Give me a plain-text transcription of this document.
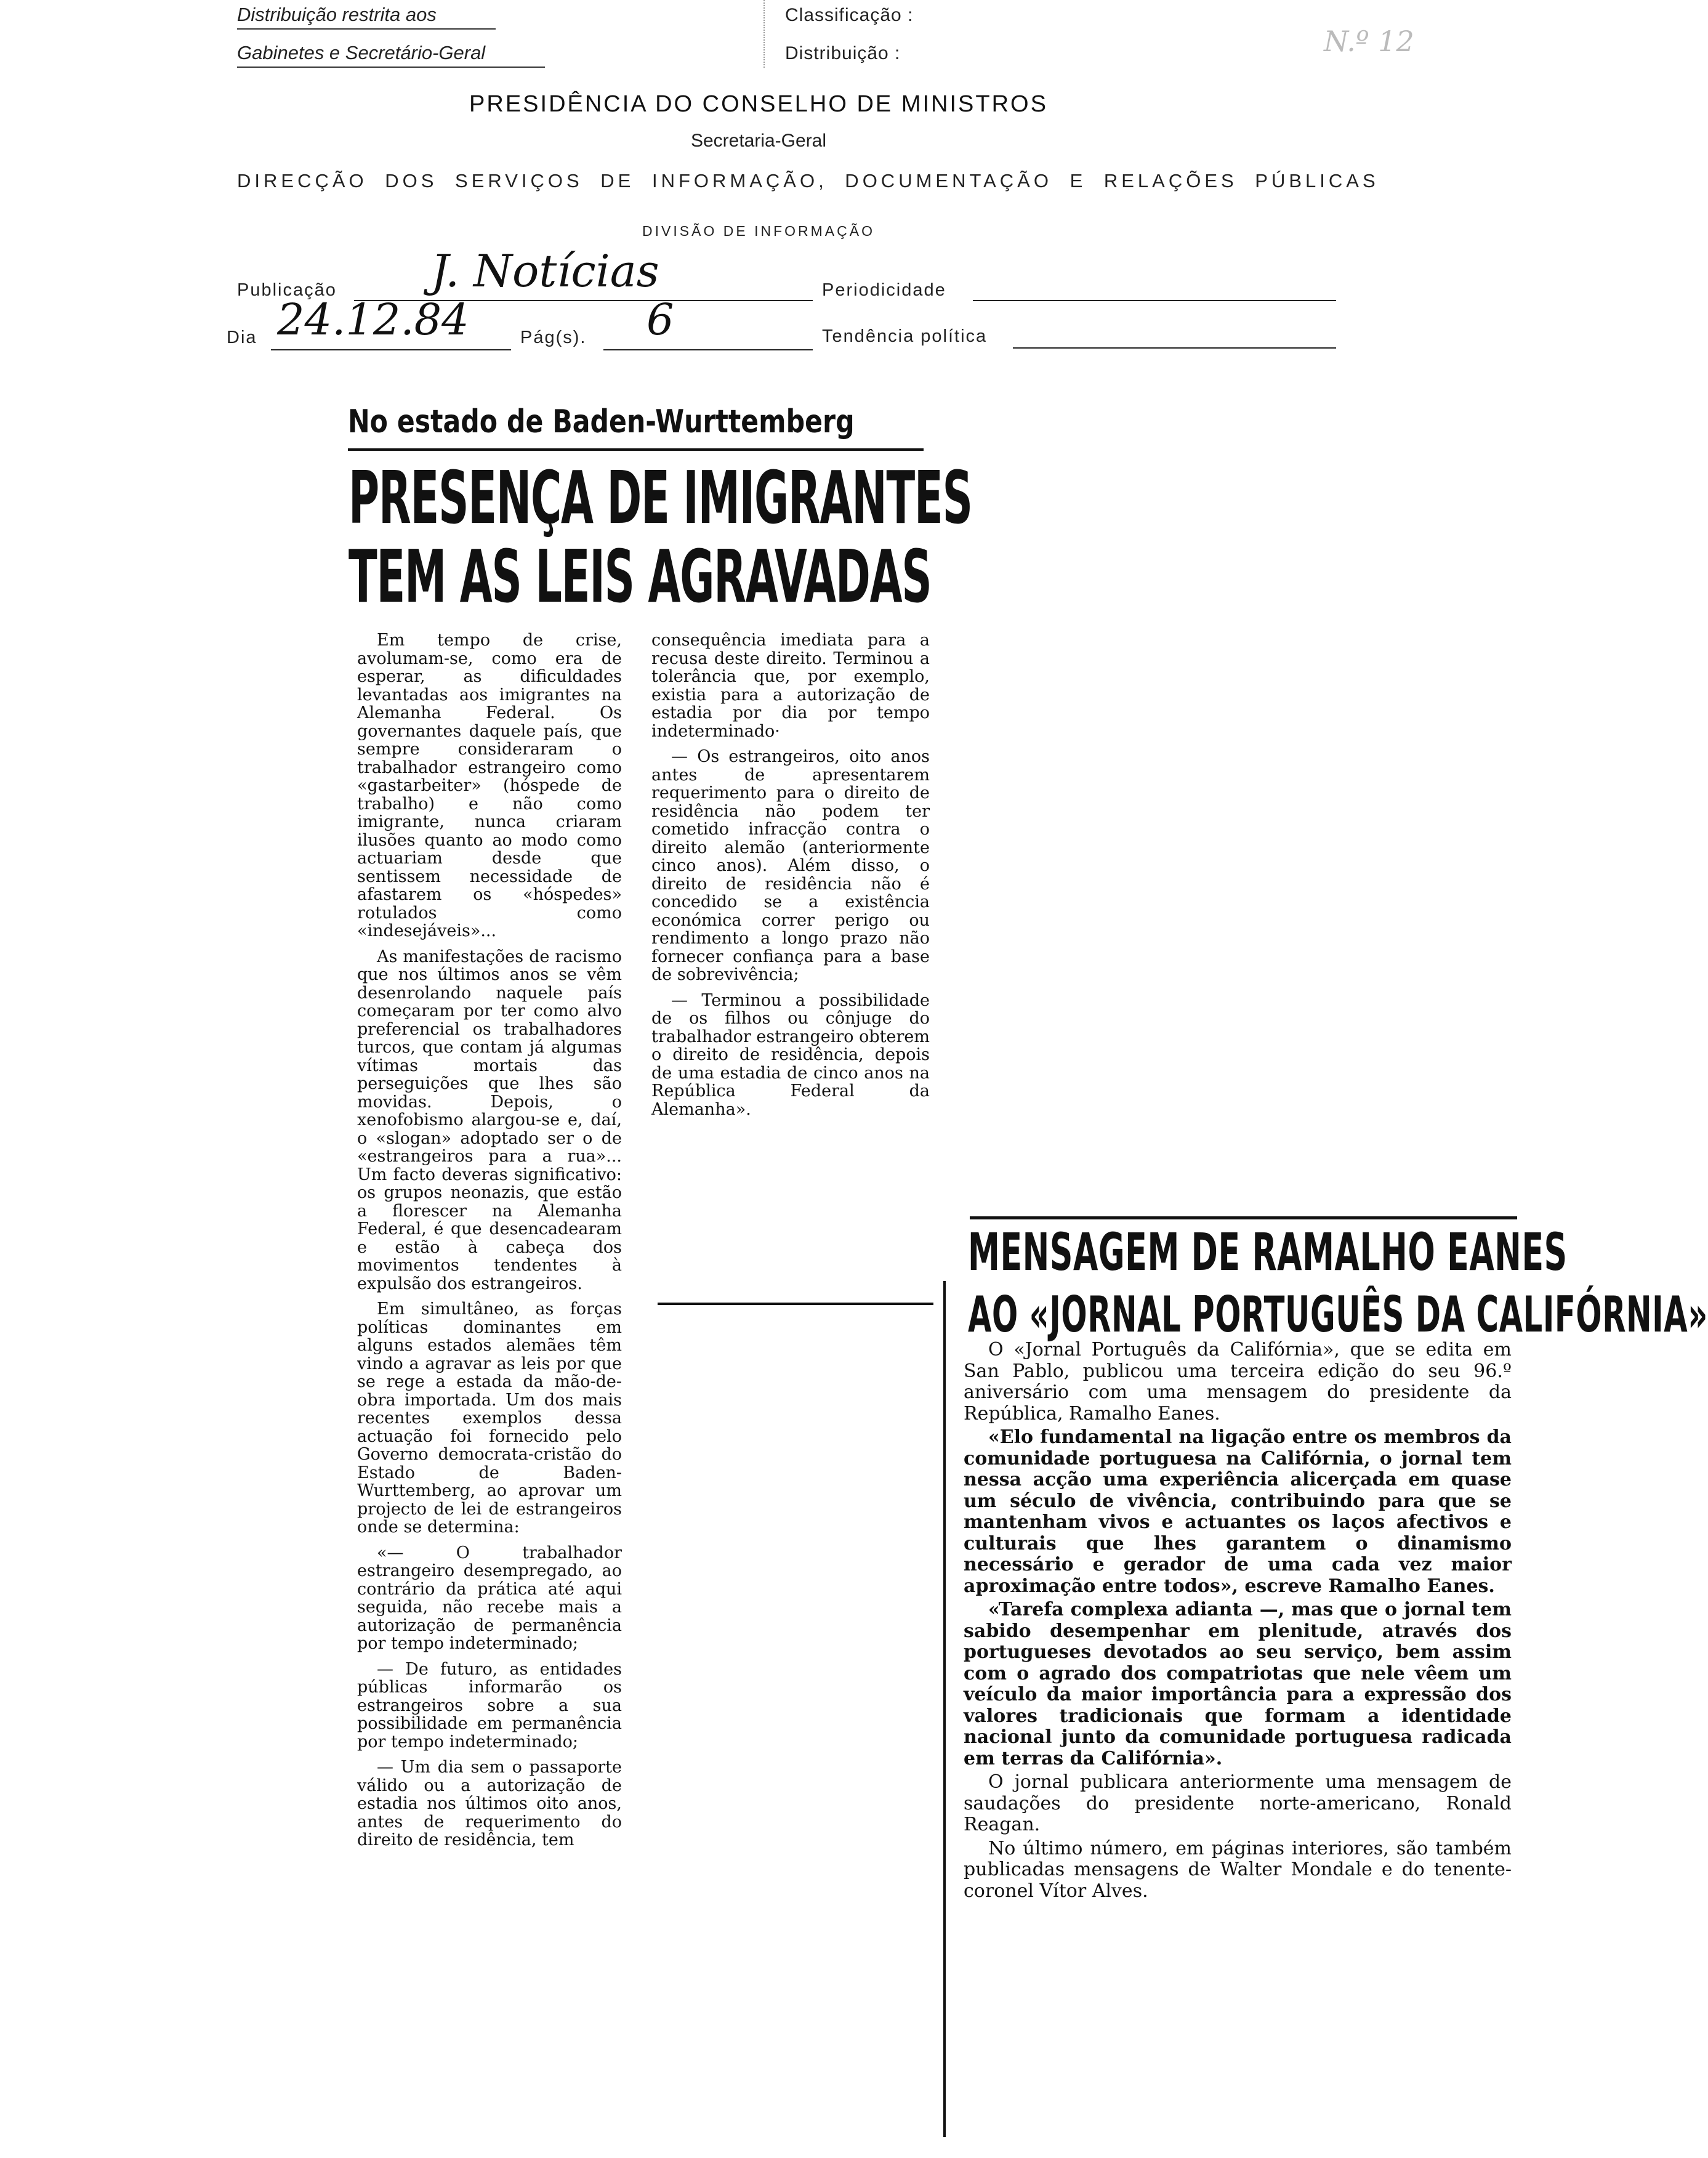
Distribuição restrita aos
Gabinetes e Secretário-Geral
Classificação :
Distribuição :	N.º 12
PRESIDÊNCIA DO CONSELHO DE MINISTROS
Secretaria-Geral
DIRECÇÃO DOS SERVIÇOS DE INFORMAÇÃO, DOCUMENTAÇÃO E RELAÇÕES PÚBLICAS
DIVISÃO DE INFORMAÇÃO
Publicação J. Notícias	Periodicidade
Dia 24.12.84	Pág(s). 6	Tendência política
No estado de Baden-Wurttemberg
PRESENÇA DE IMIGRANTES
TEM AS LEIS AGRAVADAS

Em tempo de crise, avolumam-se, como era de esperar, as dificuldades levantadas aos imigrantes na Alemanha Federal. Os governantes daquele país, que sempre consideraram o trabalhador estrangeiro como «gastarbeiter» (hóspede de trabalho) e não como imigrante, nunca criaram ilusões quanto ao modo como actuariam desde que sentissem necessidade de afastarem os «hóspedes» rotulados como «indesejáveis»...

As manifestações de racismo que nos últimos anos se vêm desenrolando naquele país começaram por ter como alvo preferencial os trabalhadores turcos, que contam já algumas vítimas mortais das perseguições que lhes são movidas. Depois, o xenofobismo alargou-se e, daí, o «slogan» adoptado ser o de «estrangeiros para a rua»... Um facto deveras significativo: os grupos neonazis, que estão a florescer na Alemanha Federal, é que desencadearam e estão à cabeça dos movimentos tendentes à expulsão dos estrangeiros.

Em simultâneo, as forças políticas dominantes em alguns estados alemães têm vindo a agravar as leis por que se rege a estada da mão-de-obra importada. Um dos mais recentes exemplos dessa actuação foi fornecido pelo Governo democrata-cristão do Estado de Baden-Wurttemberg, ao aprovar um projecto de lei de estrangeiros onde se determina:

«— O trabalhador estrangeiro desempregado, ao contrário da prática até aqui seguida, não recebe mais a autorização de permanência por tempo indeterminado;

— De futuro, as entidades públicas informarão os estrangeiros sobre a sua possibilidade em permanência por tempo indeterminado;

— Um dia sem o passaporte válido ou a autorização de estadia nos últimos oito anos, antes de requerimento do direito de residência, tem

consequência imediata para a recusa deste direito. Terminou a tolerância que, por exemplo, existia para a autorização de estadia por dia por tempo indeterminado·

— Os estrangeiros, oito anos antes de apresentarem requerimento para o direito de residência não podem ter cometido infracção contra o direito alemão (anteriormente cinco anos). Além disso, o direito de residência não é concedido se a existência económica correr perigo ou rendimento a longo prazo não fornecer confiança para a base de sobrevivência;

— Terminou a possibilidade de os filhos ou cônjuge do trabalhador estrangeiro obterem o direito de residência, depois de uma estadia de cinco anos na República Federal da Alemanha».

MENSAGEM DE RAMALHO EANES
AO «JORNAL PORTUGUÊS DA CALIFÓRNIA»

O «Jornal Português da Califórnia», que se edita em San Pablo, publicou uma terceira edição do seu 96.º aniversário com uma mensagem do presidente da República, Ramalho Eanes.

«Elo fundamental na ligação entre os membros da comunidade portuguesa na Califórnia, o jornal tem nessa acção uma experiência alicerçada em quase um século de vivência, contribuindo para que se mantenham vivos e actuantes os laços afectivos e culturais que lhes garantem o dinamismo necessário e gerador de uma cada vez maior aproximação entre todos», escreve Ramalho Eanes.

«Tarefa complexa adianta —, mas que o jornal tem sabido desempenhar em plenitude, através dos portugueses devotados ao seu serviço, bem assim com o agrado dos compatriotas que nele vêem um veículo da maior importância para a expressão dos valores tradicionais que formam a identidade nacional junto da comunidade portuguesa radicada em terras da Califórnia».

O jornal publicara anteriormente uma mensagem de saudações do presidente norte-americano, Ronald Reagan.

No último número, em páginas interiores, são também publicadas mensagens de Walter Mondale e do tenente-coronel Vítor Alves.
